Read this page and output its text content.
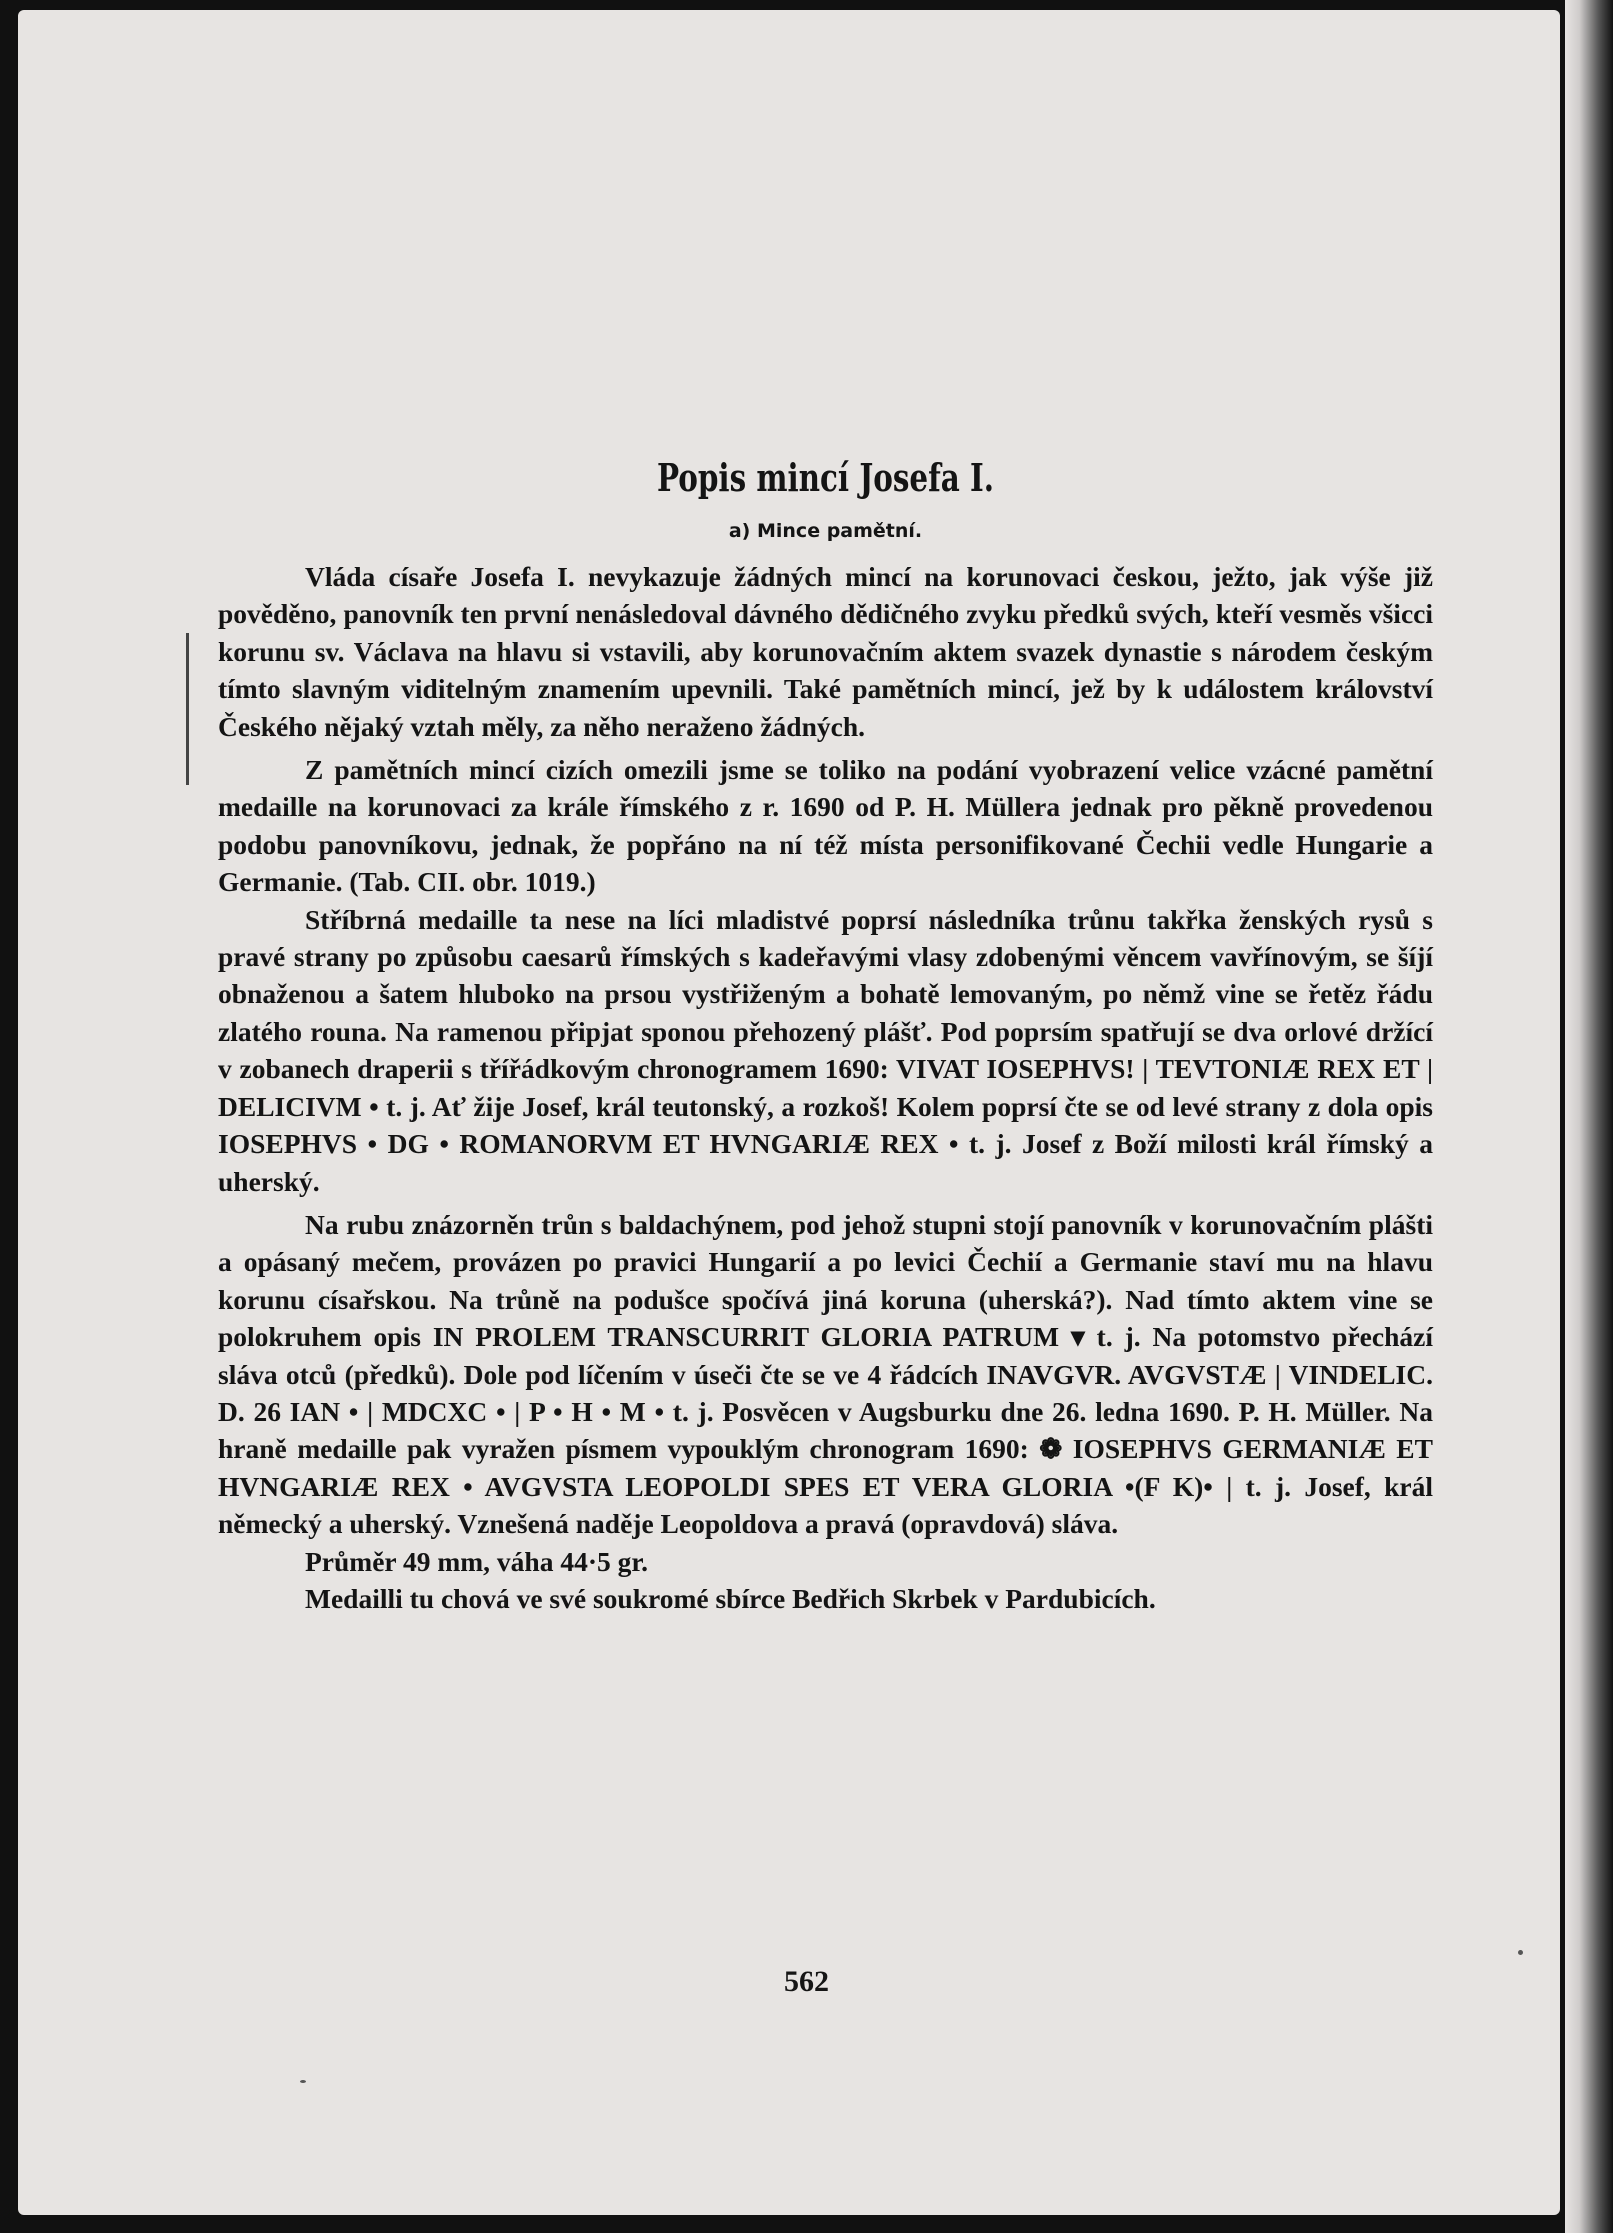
Popis mincí Josefa I.
a) Mince pamětní.

Vláda císaře Josefa I. nevykazuje žádných mincí na korunovaci českou, ježto, jak výše již pověděno, panovník ten první nenásledoval dávného dědičného zvyku předků svých, kteří vesměs všicci korunu sv. Václava na hlavu si vstavili, aby korunovačním aktem svazek dynastie s národem českým tímto slavným viditelným znamením upevnili. Také pamětních mincí, jež by k událostem království Českého nějaký vztah měly, za něho neraženo žádných.

Z pamětních mincí cizích omezili jsme se toliko na podání vyobrazení velice vzácné pamětní medaille na korunovaci za krále římského z r. 1690 od P. H. Müllera jednak pro pěkně provedenou podobu panovníkovu, jednak, že popřáno na ní též místa personifikované Čechii vedle Hungarie a Germanie. (Tab. CII. obr. 1019.)

Stříbrná medaille ta nese na líci mladistvé poprsí následníka trůnu takřka ženských rysů s pravé strany po způsobu caesarů římských s kadeřavými vlasy zdobenými věncem vavřínovým, se šíjí obnaženou a šatem hluboko na prsou vystřiženým a bohatě lemovaným, po němž vine se řetěz řádu zlatého rouna. Na ramenou připjat sponou přehozený plášť. Pod poprsím spatřují se dva orlové držící v zobanech draperii s třířádkovým chronogramem 1690: VIVAT IOSEPHVS! | TEVTONIÆ REX ET | DELICIVM • t. j. Ať žije Josef, král teutonský, a rozkoš! Kolem poprsí čte se od levé strany z dola opis IOSEPHVS • DG • ROMANORVM ET HVNGARIÆ REX • t. j. Josef z Boží milosti král římský a uherský.

Na rubu znázorněn trůn s baldachýnem, pod jehož stupni stojí panovník v korunovačním plášti a opásaný mečem, provázen po pravici Hungarií a po levici Čechií a Germanie staví mu na hlavu korunu císařskou. Na trůně na podušce spočívá jiná koruna (uherská?). Nad tímto aktem vine se polokruhem opis IN PROLEM TRANSCURRIT GLORIA PATRUM ▾ t. j. Na potomstvo přechází sláva otců (předků). Dole pod líčením v úseči čte se ve 4 řádcích INAVGVR. AVGVSTÆ | VINDELIC. D. 26 IAN • | MDCXC • | P • H • M • t. j. Posvěcen v Augsburku dne 26. ledna 1690. P. H. Müller. Na hraně medaille pak vyražen písmem vypouklým chronogram 1690: ❁ IOSEPHVS GERMANIÆ ET HVNGARIÆ REX • AVGVSTA LEOPOLDI SPES ET VERA GLORIA •(F K)• | t. j. Josef, král německý a uherský. Vznešená naděje Leopoldova a pravá (opravdová) sláva.

Průměr 49 mm, váha 44·5 gr.

Medailli tu chová ve své soukromé sbírce Bedřich Skrbek v Pardubicích.

562
